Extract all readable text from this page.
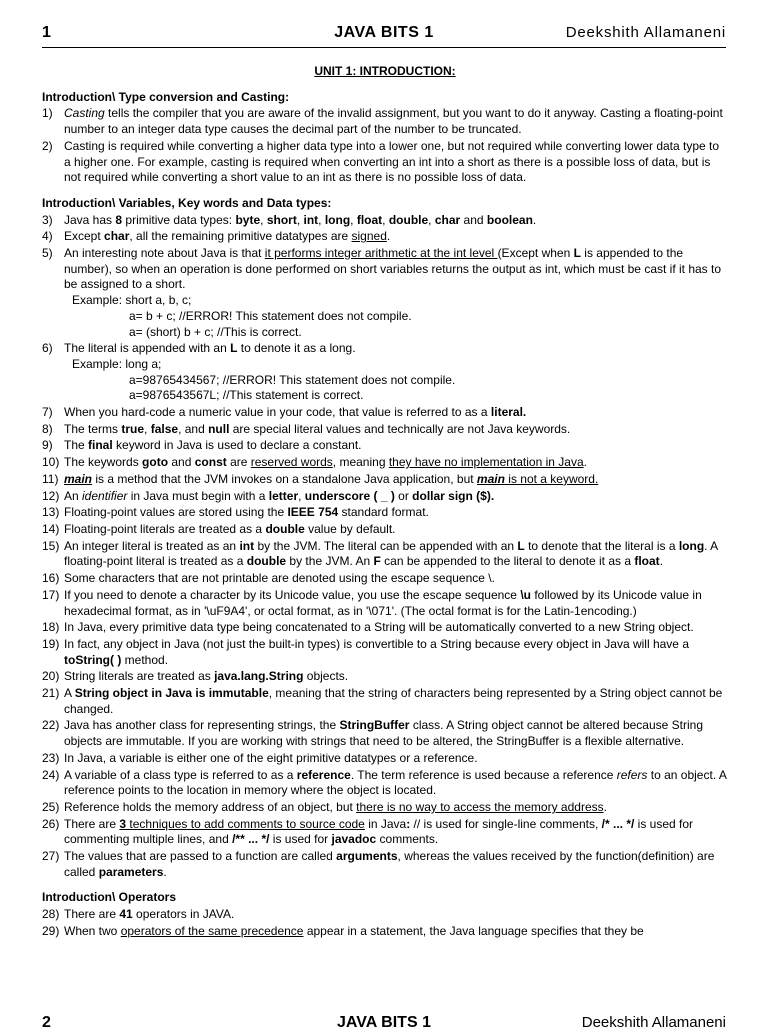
1	JAVA BITS 1	Deekshith Allamaneni
UNIT 1: INTRODUCTION:
Introduction\ Type conversion and Casting:
1) Casting tells the compiler that you are aware of the invalid assignment, but you want to do it anyway. Casting a floating-point number to an integer data type causes the decimal part of the number to be truncated.
2) Casting is required while converting a higher data type into a lower one, but not required while converting lower data type to a higher one. For example, casting is required when converting an int into a short as there is a possible loss of data, but is not required while converting a short value to an int as there is no possible loss of data.
Introduction\ Variables, Key words and Data types:
3) Java has 8 primitive data types: byte, short, int, long, float, double, char and boolean.
4) Except char, all the remaining primitive datatypes are signed.
5) An interesting note about Java is that it performs integer arithmetic at the int level (Except when L is appended to the number), so when an operation is done performed on short variables returns the output as int, which must be cast if it has to be assigned to a short.
Example: short a, b, c;
a= b + c; //ERROR! This statement does not compile.
a= (short) b + c; //This is correct.
6) The literal is appended with an L to denote it as a long.
Example: long a;
a=98765434567; //ERROR! This statement does not compile.
a=9876543567L; //This statement is correct.
7) When you hard-code a numeric value in your code, that value is referred to as a literal.
8) The terms true, false, and null are special literal values and technically are not Java keywords.
9) The final keyword in Java is used to declare a constant.
10) The keywords goto and const are reserved words, meaning they have no implementation in Java.
11) main is a method that the JVM invokes on a standalone Java application, but main is not a keyword.
12) An identifier in Java must begin with a letter, underscore ( _ ) or dollar sign ($).
13) Floating-point values are stored using the IEEE 754 standard format.
14) Floating-point literals are treated as a double value by default.
15) An integer literal is treated as an int by the JVM. The literal can be appended with an L to denote that the literal is a long. A floating-point literal is treated as a double by the JVM. An F can be appended to the literal to denote it as a float.
16) Some characters that are not printable are denoted using the escape sequence \.
17) If you need to denote a character by its Unicode value, you use the escape sequence \u followed by its Unicode value in hexadecimal format, as in '\uF9A4', or octal format, as in '\071'. (The octal format is for the Latin-1encoding.)
18) In Java, every primitive data type being concatenated to a String will be automatically converted to a new String object.
19) In fact, any object in Java (not just the built-in types) is convertible to a String because every object in Java will have a toString( ) method.
20) String literals are treated as java.lang.String objects.
21) A String object in Java is immutable, meaning that the string of characters being represented by a String object cannot be changed.
22) Java has another class for representing strings, the StringBuffer class. A String object cannot be altered because String objects are immutable. If you are working with strings that need to be altered, the StringBuffer is a flexible alternative.
23) In Java, a variable is either one of the eight primitive datatypes or a reference.
24) A variable of a class type is referred to as a reference. The term reference is used because a reference refers to an object. A reference points to the location in memory where the object is located.
25) Reference holds the memory address of an object, but there is no way to access the memory address.
26) There are 3 techniques to add comments to source code in Java: // is used for single-line comments, /* ... */ is used for commenting multiple lines, and /** ... */ is used for javadoc comments.
27) The values that are passed to a function are called arguments, whereas the values received by the function(definition) are called parameters.
Introduction\ Operators
28) There are 41 operators in JAVA.
29) When two operators of the same precedence appear in a statement, the Java language specifies that they be
2	JAVA BITS 1	Deekshith Allamaneni
